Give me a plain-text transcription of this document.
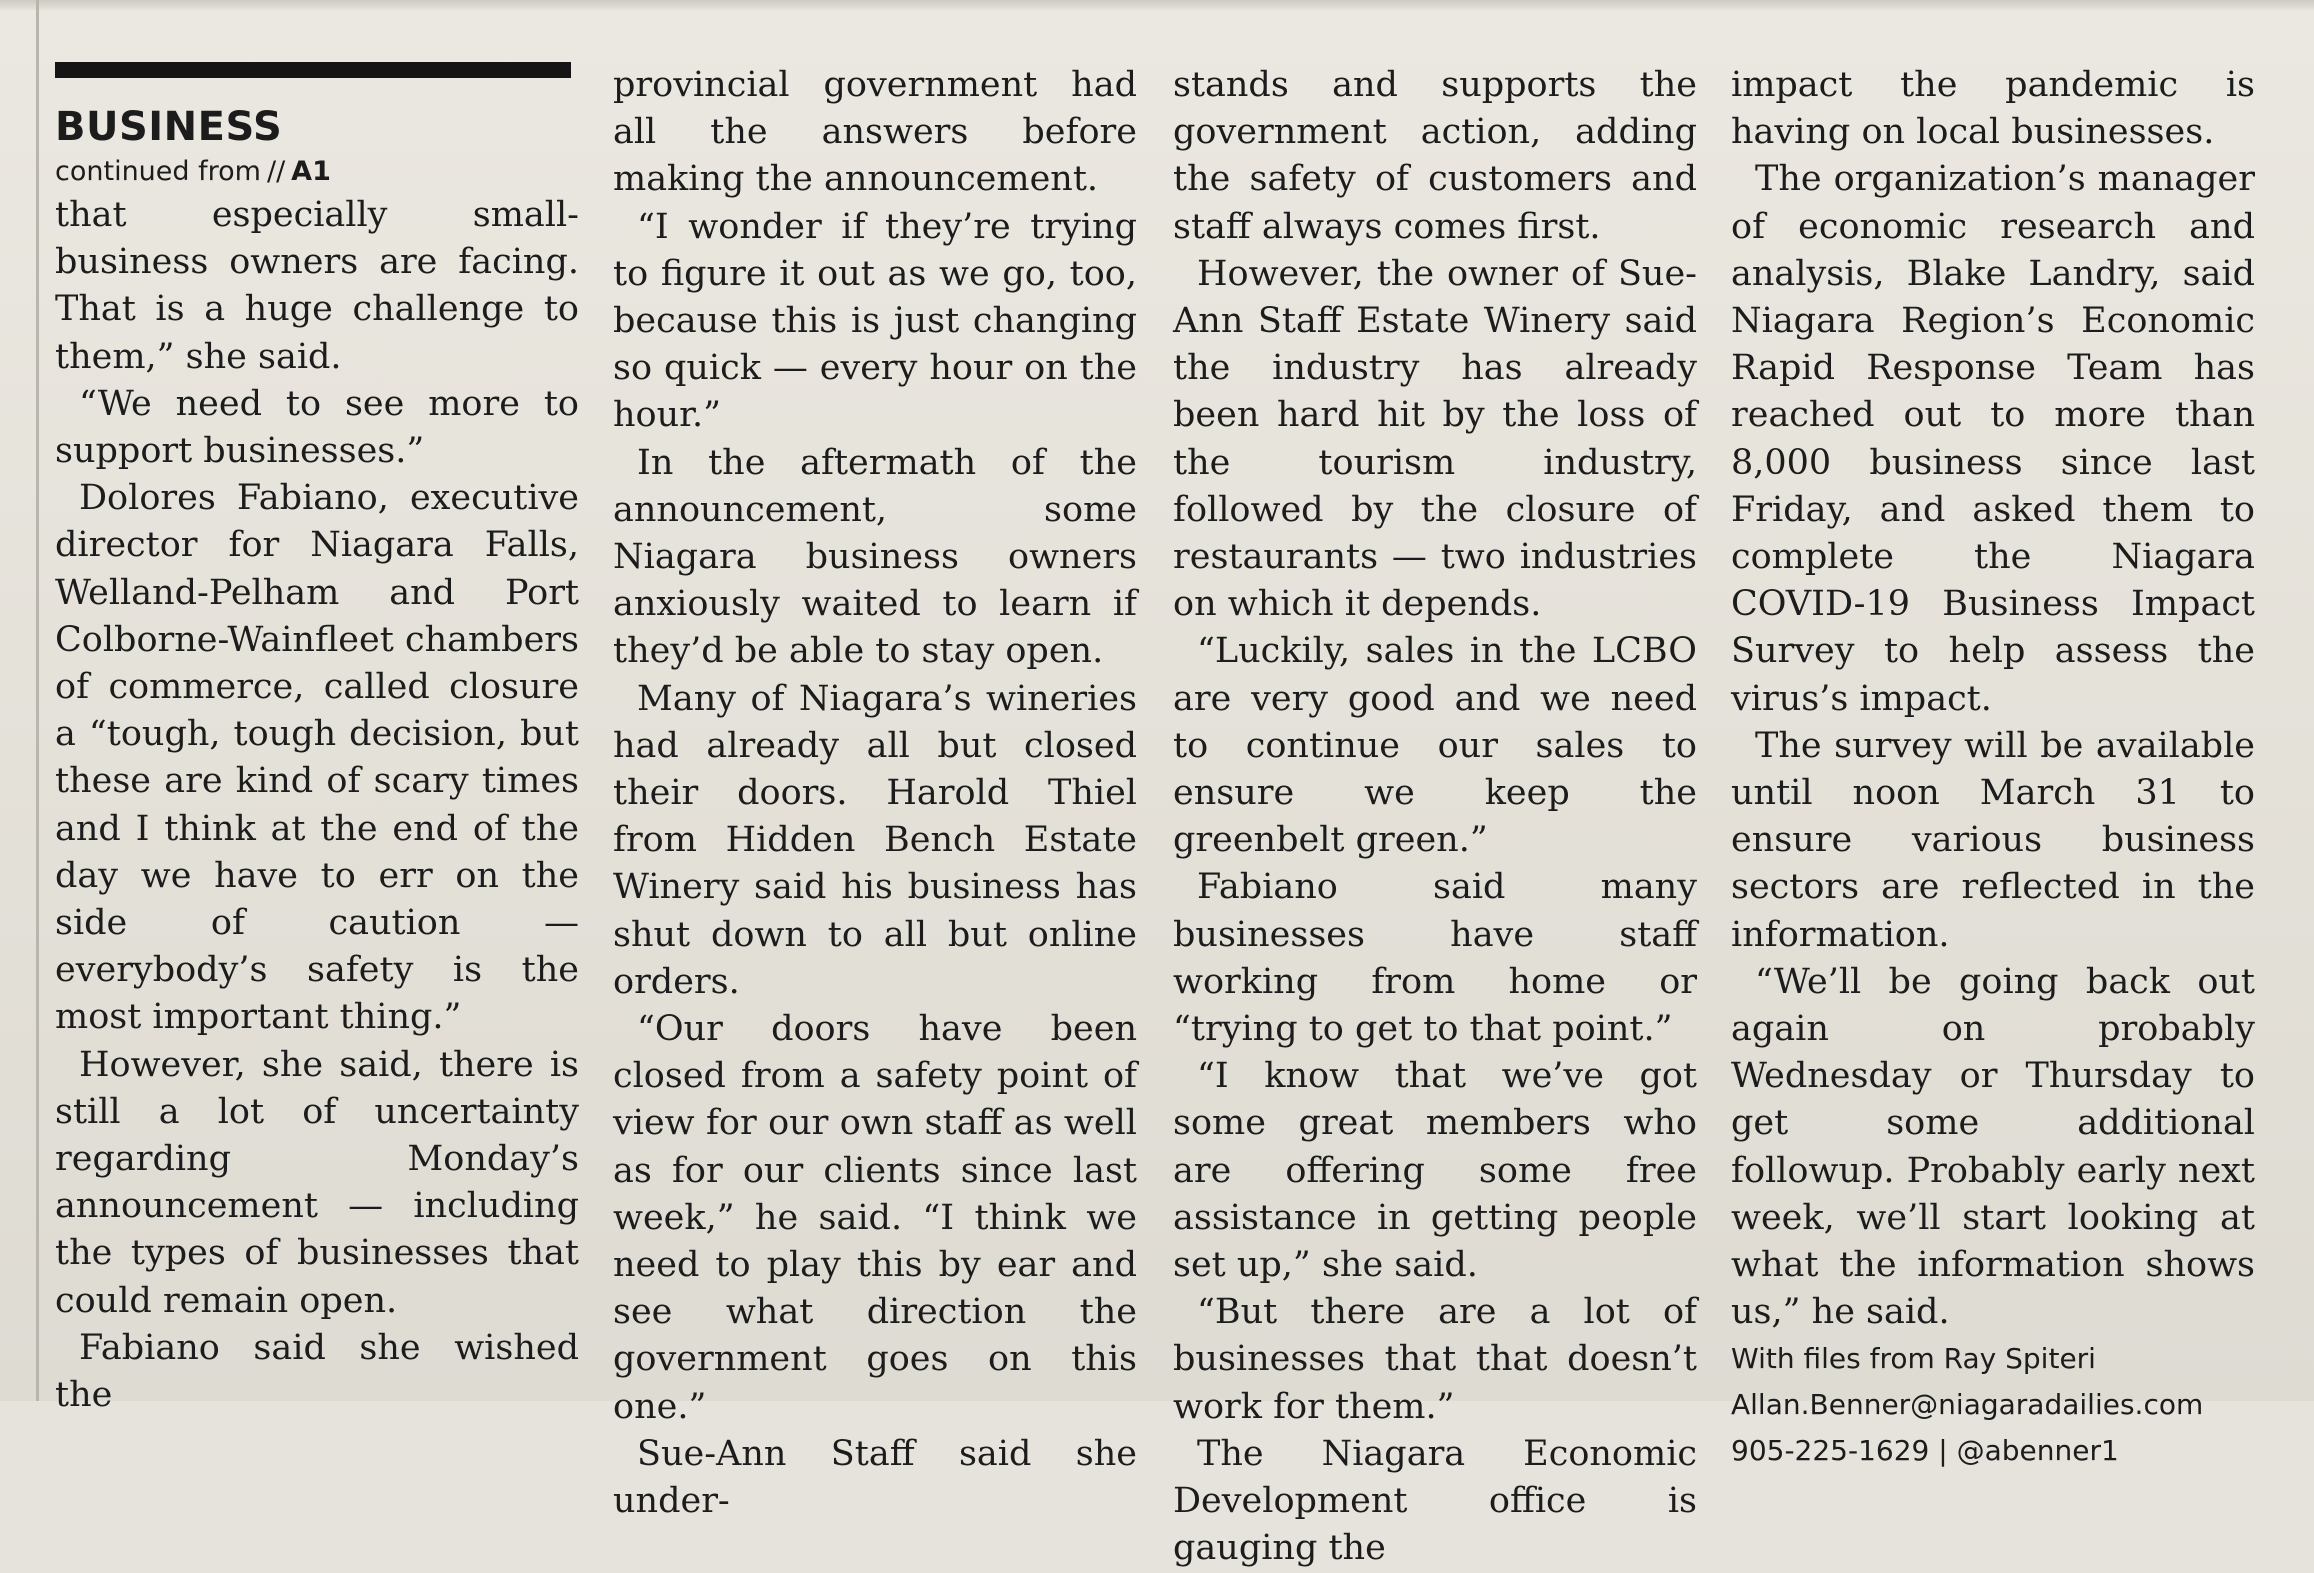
BUSINESS

continued from // A1

that especially small-business owners are facing. That is a huge challenge to them,” she said.

“We need to see more to support businesses.”

Dolores Fabiano, executive director for Niagara Falls, Welland-Pelham and Port Colborne-Wainfleet chambers of commerce, called closure a “tough, tough decision, but these are kind of scary times and I think at the end of the day we have to err on the side of caution — everybody’s safety is the most important thing.”

However, she said, there is still a lot of uncertainty regarding Monday’s announcement — including the types of businesses that could remain open.

Fabiano said she wished the

provincial government had all the answers before making the announcement.

“I wonder if they’re trying to figure it out as we go, too, because this is just changing so quick — every hour on the hour.”

In the aftermath of the announcement, some Niagara business owners anxiously waited to learn if they’d be able to stay open.

Many of Niagara’s wineries had already all but closed their doors. Harold Thiel from Hidden Bench Estate Winery said his business has shut down to all but online orders.

“Our doors have been closed from a safety point of view for our own staff as well as for our clients since last week,” he said. “I think we need to play this by ear and see what direction the government goes on this one.”

Sue-Ann Staff said she under-

stands and supports the government action, adding the safety of customers and staff always comes first.

However, the owner of Sue-Ann Staff Estate Winery said the industry has already been hard hit by the loss of the tourism industry, followed by the closure of restaurants — two industries on which it depends.

“Luckily, sales in the LCBO are very good and we need to continue our sales to ensure we keep the greenbelt green.”

Fabiano said many businesses have staff working from home or “trying to get to that point.”

“I know that we’ve got some great members who are offering some free assistance in getting people set up,” she said.

“But there are a lot of businesses that that doesn’t work for them.”

The Niagara Economic Development office is gauging the

impact the pandemic is having on local businesses.

The organization’s manager of economic research and analysis, Blake Landry, said Niagara Region’s Economic Rapid Response Team has reached out to more than 8,000 business since last Friday, and asked them to complete the Niagara COVID-19 Business Impact Survey to help assess the virus’s impact.

The survey will be available until noon March 31 to ensure various business sectors are reflected in the information.

“We’ll be going back out again on probably Wednesday or Thursday to get some additional followup. Probably early next week, we’ll start looking at what the information shows us,” he said.

With files from Ray Spiteri
Allan.Benner@niagaradailies.com
905-225-1629 | @abenner1
